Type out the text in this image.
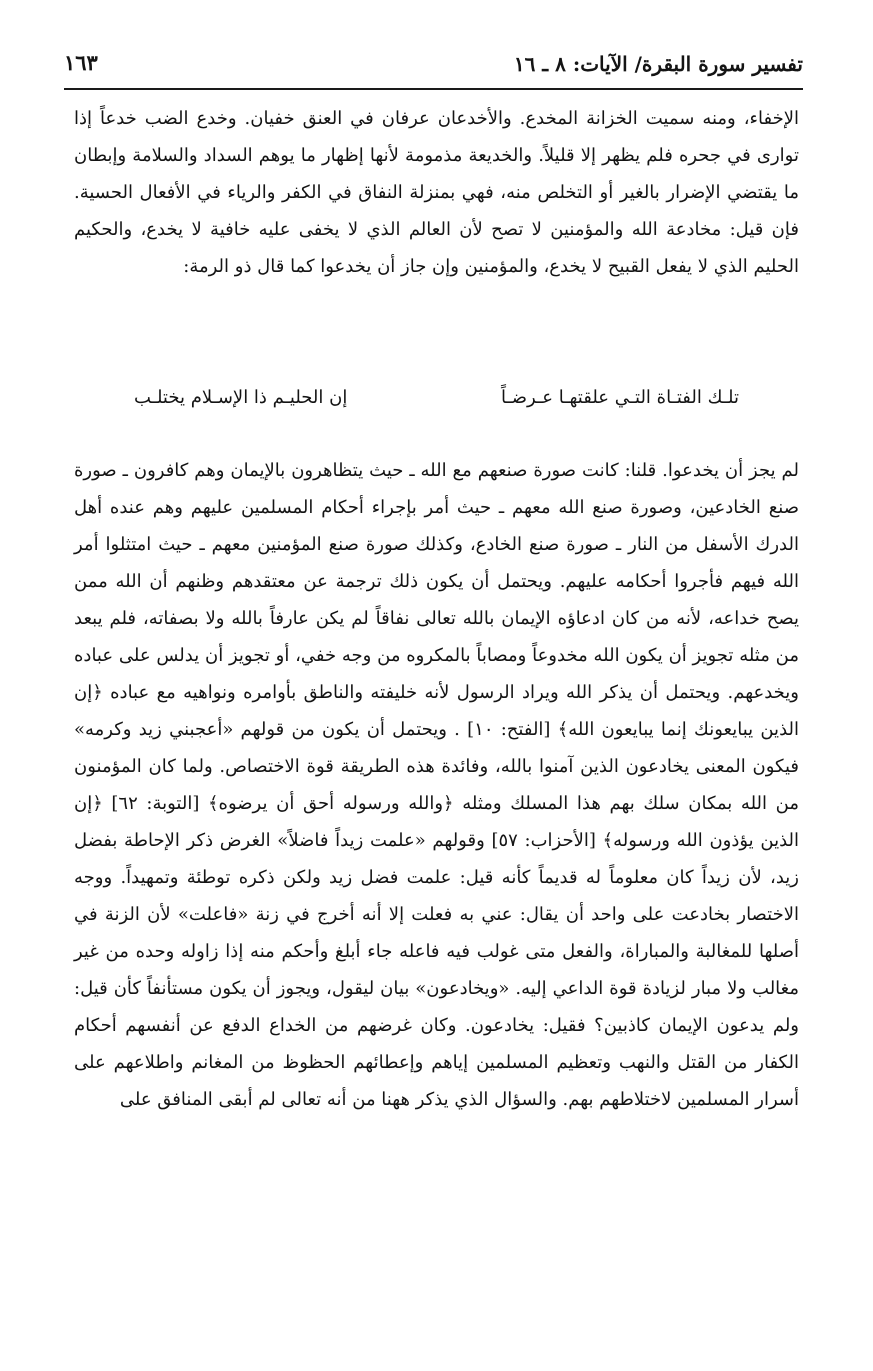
تفسير سورة البقرة/ الآيات: ٨ ـ ١٦
١٦٣

الإخفاء، ومنه سميت الخزانة المخدع. والأخدعان عرفان في العنق خفيان. وخدع الضب خدعاً إذا توارى في جحره فلم يظهر إلا قليلاً. والخديعة مذمومة لأنها إظهار ما يوهم السداد والسلامة وإبطان ما يقتضي الإضرار بالغير أو التخلص منه، فهي بمنزلة النفاق في الكفر والرياء في الأفعال الحسية. فإن قيل: مخادعة الله والمؤمنين لا تصح لأن العالم الذي لا يخفى عليه خافية لا يخدع، والحكيم الحليم الذي لا يفعل القبيح لا يخدع، والمؤمنين وإن جاز أن يخدعوا كما قال ذو الرمة:

تلـك الفتـاة التـي علقتهـا عـرضـاً
إن الحليـم ذا الإسـلام يختلـب

لم يجز أن يخدعوا. قلنا: كانت صورة صنعهم مع الله ـ حيث يتظاهرون بالإيمان وهم كافرون ـ صورة صنع الخادعين، وصورة صنع الله معهم ـ حيث أمر بإجراء أحكام المسلمين عليهم وهم عنده أهل الدرك الأسفل من النار ـ صورة صنع الخادع، وكذلك صورة صنع المؤمنين معهم ـ حيث امتثلوا أمر الله فيهم فأجروا أحكامه عليهم. ويحتمل أن يكون ذلك ترجمة عن معتقدهم وظنهم أن الله ممن يصح خداعه، لأنه من كان ادعاؤه الإيمان بالله تعالى نفاقاً لم يكن عارفاً بالله ولا بصفاته، فلم يبعد من مثله تجويز أن يكون الله مخدوعاً ومصاباً بالمكروه من وجه خفي، أو تجويز أن يدلس على عباده ويخدعهم. ويحتمل أن يذكر الله ويراد الرسول لأنه خليفته والناطق بأوامره ونواهيه مع عباده ﴿إن الذين يبايعونك إنما يبايعون الله﴾ [الفتح: ١٠] . ويحتمل أن يكون من قولهم «أعجبني زيد وكرمه» فيكون المعنى يخادعون الذين آمنوا بالله، وفائدة هذه الطريقة قوة الاختصاص. ولما كان المؤمنون من الله بمكان سلك بهم هذا المسلك ومثله ﴿والله ورسوله أحق أن يرضوه﴾ [التوبة: ٦٢] ﴿إن الذين يؤذون الله ورسوله﴾ [الأحزاب: ٥٧] وقولهم «علمت زيداً فاضلاً» الغرض ذكر الإحاطة بفضل زيد، لأن زيداً كان معلوماً له قديماً كأنه قيل: علمت فضل زيد ولكن ذكره توطئة وتمهيداً. ووجه الاختصار بخادعت على واحد أن يقال: عني به فعلت إلا أنه أخرج في زنة «فاعلت» لأن الزنة في أصلها للمغالبة والمباراة، والفعل متى غولب فيه فاعله جاء أبلغ وأحكم منه إذا زاوله وحده من غير مغالب ولا مبار لزيادة قوة الداعي إليه. «ويخادعون» بيان ليقول، ويجوز أن يكون مستأنفاً كأن قيل: ولم يدعون الإيمان كاذبين؟ فقيل: يخادعون. وكان غرضهم من الخداع الدفع عن أنفسهم أحكام الكفار من القتل والنهب وتعظيم المسلمين إياهم وإعطائهم الحظوظ من المغانم واطلاعهم على أسرار المسلمين لاختلاطهم بهم. والسؤال الذي يذكر ههنا من أنه تعالى لم أبقى المنافق على
